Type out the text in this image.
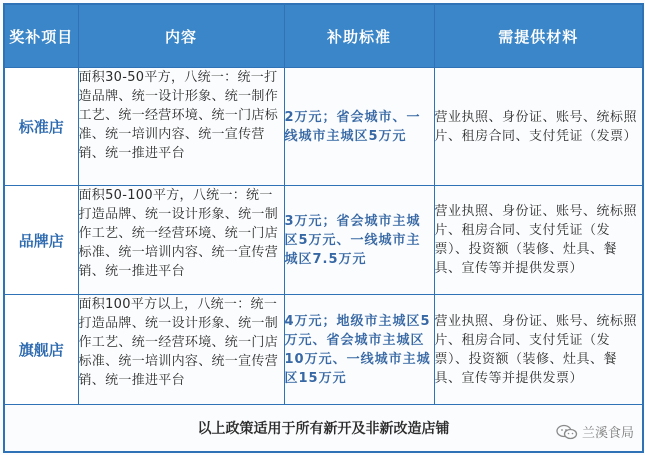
奖补项目	内容	补助标准	需提供材料
标准店	面积30-50平方，八统一：统一打造品牌、统一设计形象、统一制作工艺、统一经营环境、统一门店标准、统一培训内容、统一宣传营销、统一推进平台	2万元；省会城市、一线城市主城区5万元	营业执照、身份证、账号、统标照片、租房合同、支付凭证（发票）
品牌店	面积50-100平方，八统一：统一打造品牌、统一设计形象、统一制作工艺、统一经营环境、统一门店标准、统一培训内容、统一宣传营销、统一推进平台	3万元；省会城市主城区5万元、一线城市主城区7.5万元	营业执照、身份证、账号、统标照片、租房合同、支付凭证（发票）、投资额（装修、灶具、餐具、宣传等并提供发票）
旗舰店	面积100平方以上，八统一：统一打造品牌、统一设计形象、统一制作工艺、统一经营环境、统一门店标准、统一培训内容、统一宣传营销、统一推进平台	4万元；地级市主城区5万元、省会城市主城区10万元、一线城市主城区15万元	营业执照、身份证、账号、统标照片、租房合同、支付凭证（发票）、投资额（装修、灶具、餐具、宣传等并提供发票）
以上政策适用于所有新开及非新改造店铺 兰溪食局			
